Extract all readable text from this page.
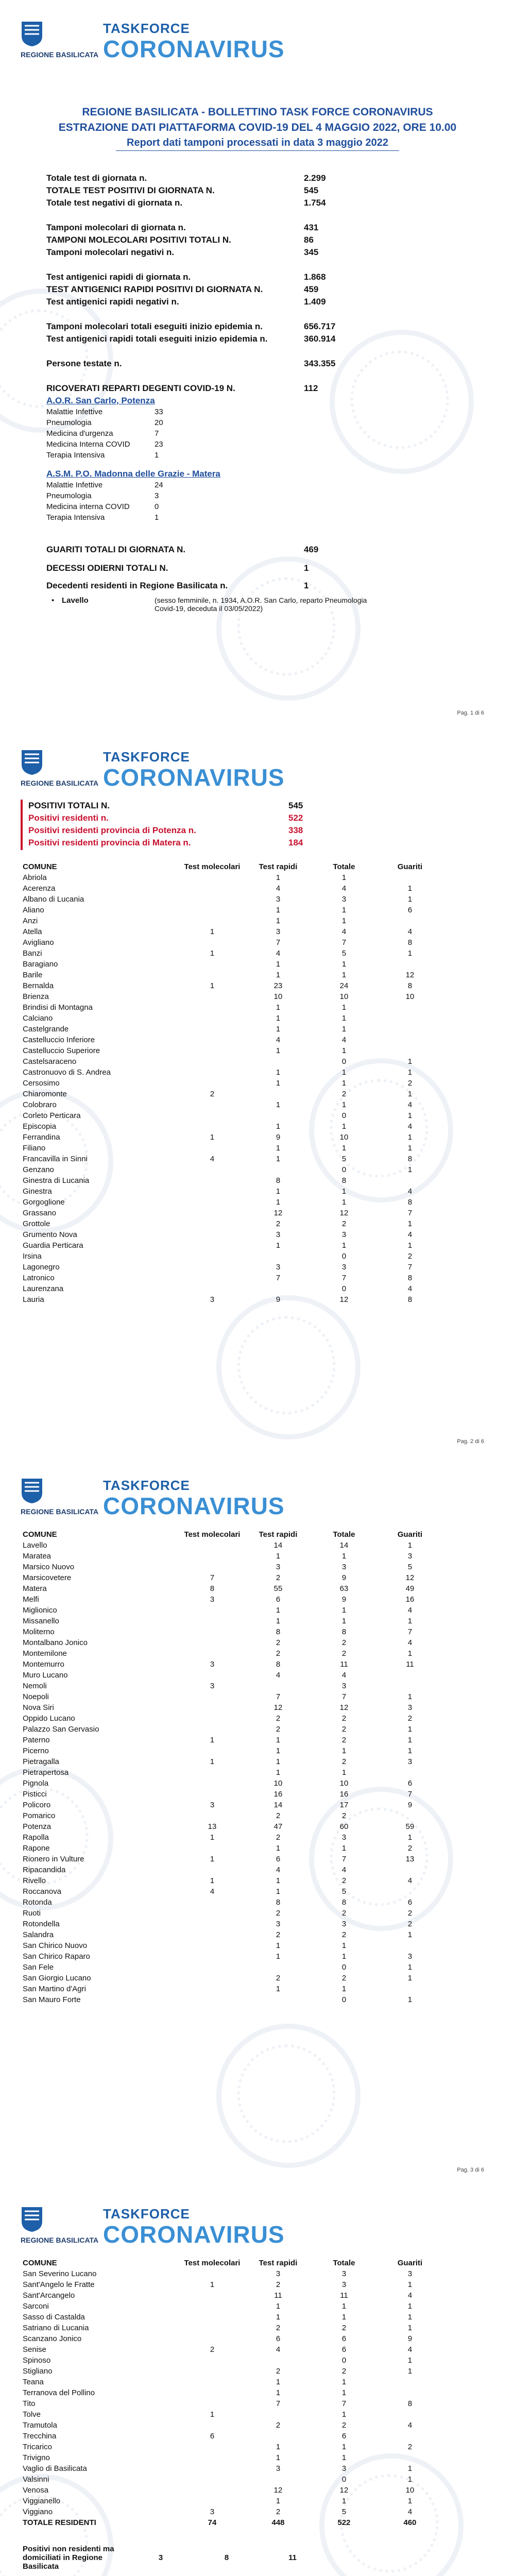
REGIONE BASILICATA
TASKFORCE
CORONAVIRUS
REGIONE BASILICATA - BOLLETTINO TASK FORCE CORONAVIRUS
ESTRAZIONE DATI PIATTAFORMA COVID-19 DEL 4 MAGGIO 2022, ORE 10.00
Report dati tamponi processati in data 3 maggio 2022
Totale test di giornata n.	2.299
TOTALE TEST POSITIVI DI GIORNATA N.	545
Totale test negativi di giornata n.	1.754
Tamponi molecolari di giornata n.	431
TAMPONI MOLECOLARI POSITIVI TOTALI N.	86
Tamponi molecolari negativi n.	345
Test antigenici rapidi di giornata n.	1.868
TEST ANTIGENICI RAPIDI POSITIVI DI GIORNATA N.	459
Test antigenici rapidi negativi n.	1.409
Tamponi molecolari totali eseguiti inizio epidemia n.	656.717
Test antigenici rapidi totali eseguiti inizio epidemia n.	360.914
Persone testate n.	343.355
RICOVERATI REPARTI DEGENTI COVID-19 N.	112
A.O.R. San Carlo, Potenza
Malattie Infettive	33
Pneumologia	20
Medicina d'urgenza	7
Medicina Interna COVID	23
Terapia Intensiva	1
A.S.M. P.O. Madonna delle Grazie - Matera
Malattie Infettive	24
Pneumologia	3
Medicina interna COVID	0
Terapia Intensiva	1
GUARITI TOTALI DI GIORNATA N.	469
DECESSI ODIERNI TOTALI N.	1
Decedenti residenti in Regione Basilicata n.	1
• Lavello	(sesso femminile, n. 1934, A.O.R. San Carlo, reparto Pneumologia Covid-19, deceduta il 03/05/2022)
Pag. 1 di 6
REGIONE BASILICATA
TASKFORCE
CORONAVIRUS
POSITIVI TOTALI N.	545
Positivi residenti n.	522
Positivi residenti provincia di Potenza n.	338
Positivi residenti provincia di Matera n.	184
COMUNE	Test molecolari	Test rapidi	Totale	Guariti
Abriola		1	1	
Acerenza		4	4	1
Albano di Lucania		3	3	1
Aliano		1	1	6
Anzi		1	1	
Atella	1	3	4	4
Avigliano		7	7	8
Banzi	1	4	5	1
Baragiano		1	1	
Barile		1	1	12
Bernalda	1	23	24	8
Brienza		10	10	10
Brindisi di Montagna		1	1	
Calciano		1	1	
Castelgrande		1	1	
Castelluccio Inferiore		4	4	
Castelluccio Superiore		1	1	
Castelsaraceno			0	1
Castronuovo di S. Andrea		1	1	1
Cersosimo		1	1	2
Chiaromonte	2		2	1
Colobraro		1	1	4
Corleto Perticara			0	1
Episcopia		1	1	4
Ferrandina	1	9	10	1
Filiano		1	1	1
Francavilla in Sinni	4	1	5	8
Genzano			0	1
Ginestra di Lucania		8	8	
Ginestra		1	1	4
Gorgoglione		1	1	8
Grassano		12	12	7
Grottole		2	2	1
Grumento Nova		3	3	4
Guardia Perticara		1	1	1
Irsina			0	2
Lagonegro		3	3	7
Latronico		7	7	8
Laurenzana			0	4
Lauria	3	9	12	8
Pag. 2 di 6
REGIONE BASILICATA
TASKFORCE
CORONAVIRUS
COMUNE	Test molecolari	Test rapidi	Totale	Guariti
Lavello		14	14	1
Maratea		1	1	3
Marsico Nuovo		3	3	5
Marsicovetere	7	2	9	12
Matera	8	55	63	49
Melfi	3	6	9	16
Miglionico		1	1	4
Missanello		1	1	1
Moliterno		8	8	7
Montalbano Jonico		2	2	4
Montemilone		2	2	1
Montemurro	3	8	11	11
Muro Lucano		4	4	
Nemoli	3		3	
Noepoli		7	7	1
Nova Siri		12	12	3
Oppido Lucano		2	2	2
Palazzo San Gervasio		2	2	1
Paterno	1	1	2	1
Picerno		1	1	1
Pietragalla	1	1	2	3
Pietrapertosa		1	1	
Pignola		10	10	6
Pisticci		16	16	7
Policoro	3	14	17	9
Pomarico		2	2	
Potenza	13	47	60	59
Rapolla	1	2	3	1
Rapone		1	1	2
Rionero in Vulture	1	6	7	13
Ripacandida		4	4	
Rivello	1	1	2	4
Roccanova	4	1	5	
Rotonda		8	8	6
Ruoti		2	2	2
Rotondella		3	3	2
Salandra		2	2	1
San Chirico Nuovo		1	1	
San Chirico Raparo		1	1	3
San Fele			0	1
San Giorgio Lucano		2	2	1
San Martino d'Agri		1	1	
San Mauro Forte			0	1
Pag. 3 di 6
REGIONE BASILICATA
TASKFORCE
CORONAVIRUS
COMUNE	Test molecolari	Test rapidi	Totale	Guariti
San Severino Lucano		3	3	3
Sant'Angelo le Fratte	1	2	3	1
Sant'Arcangelo		11	11	4
Sarconi		1	1	1
Sasso di Castalda		1	1	1
Satriano di Lucania		2	2	1
Scanzano Jonico		6	6	9
Senise	2	4	6	4
Spinoso			0	1
Stigliano		2	2	1
Teana		1	1	
Terranova del Pollino		1	1	
Tito		7	7	8
Tolve	1		1	
Tramutola		2	2	4
Trecchina	6		6	
Tricarico		1	1	2
Trivigno		1	1	
Vaglio di Basilicata		3	3	1
Valsinni			0	1
Venosa		12	12	10
Viggianello		1	1	1
Viggiano	3	2	5	4
TOTALE RESIDENTI	74	448	522	460
Positivi non residenti ma domiciliati in Regione Basilicata	3	8	11	
